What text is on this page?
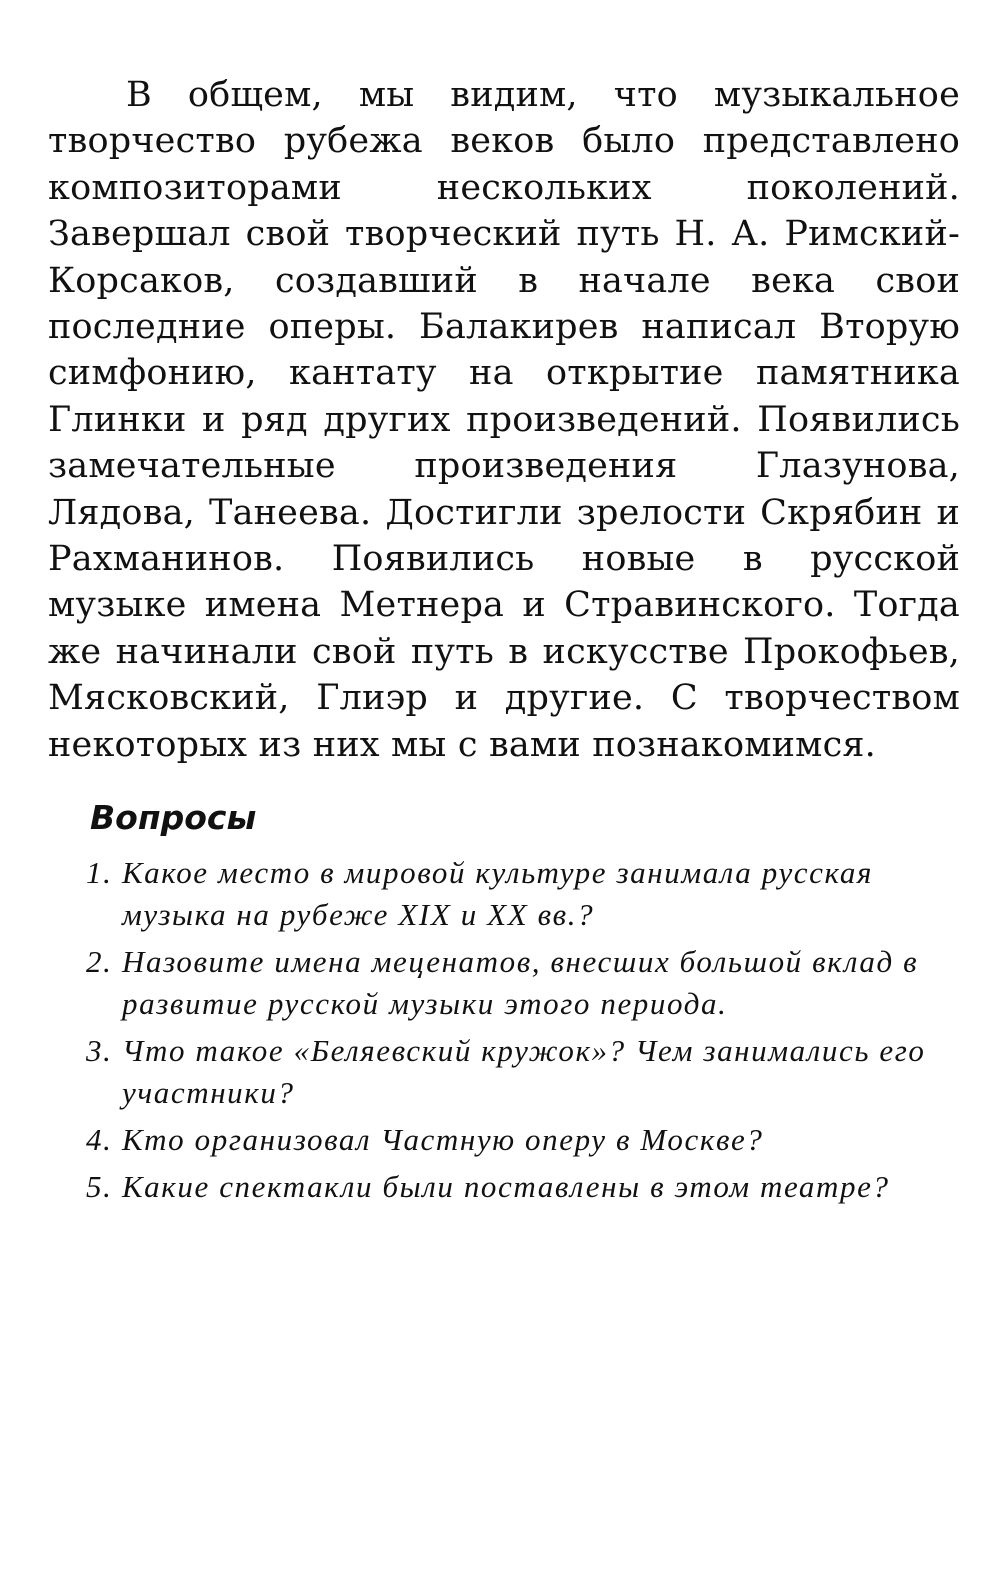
В общем, мы видим, что музыкальное творчество рубежа веков было представлено композиторами нескольких поколений. Завершал свой творческий путь Н. А. Римский-Корсаков, создавший в начале века свои последние оперы. Балакирев написал Вторую симфонию, кантату на открытие памятника Глинки и ряд других произведений. Появились замечательные произведения Глазунова, Лядова, Танеева. Достигли зрелости Скрябин и Рахманинов. Появились новые в русской музыке имена Метнера и Стравинского. Тогда же начинали свой путь в искусстве Прокофьев, Мясковский, Глиэр и другие. С творчеством некоторых из них мы с вами познакомимся.

Вопросы
1. Какое место в мировой культуре занимала русская музыка на рубеже XIX и XX вв.?
2. Назовите имена меценатов, внесших большой вклад в развитие русской музыки этого периода.
3. Что такое «Беляевский кружок»? Чем занимались его участники?
4. Кто организовал Частную оперу в Москве?
5. Какие спектакли были поставлены в этом театре?
